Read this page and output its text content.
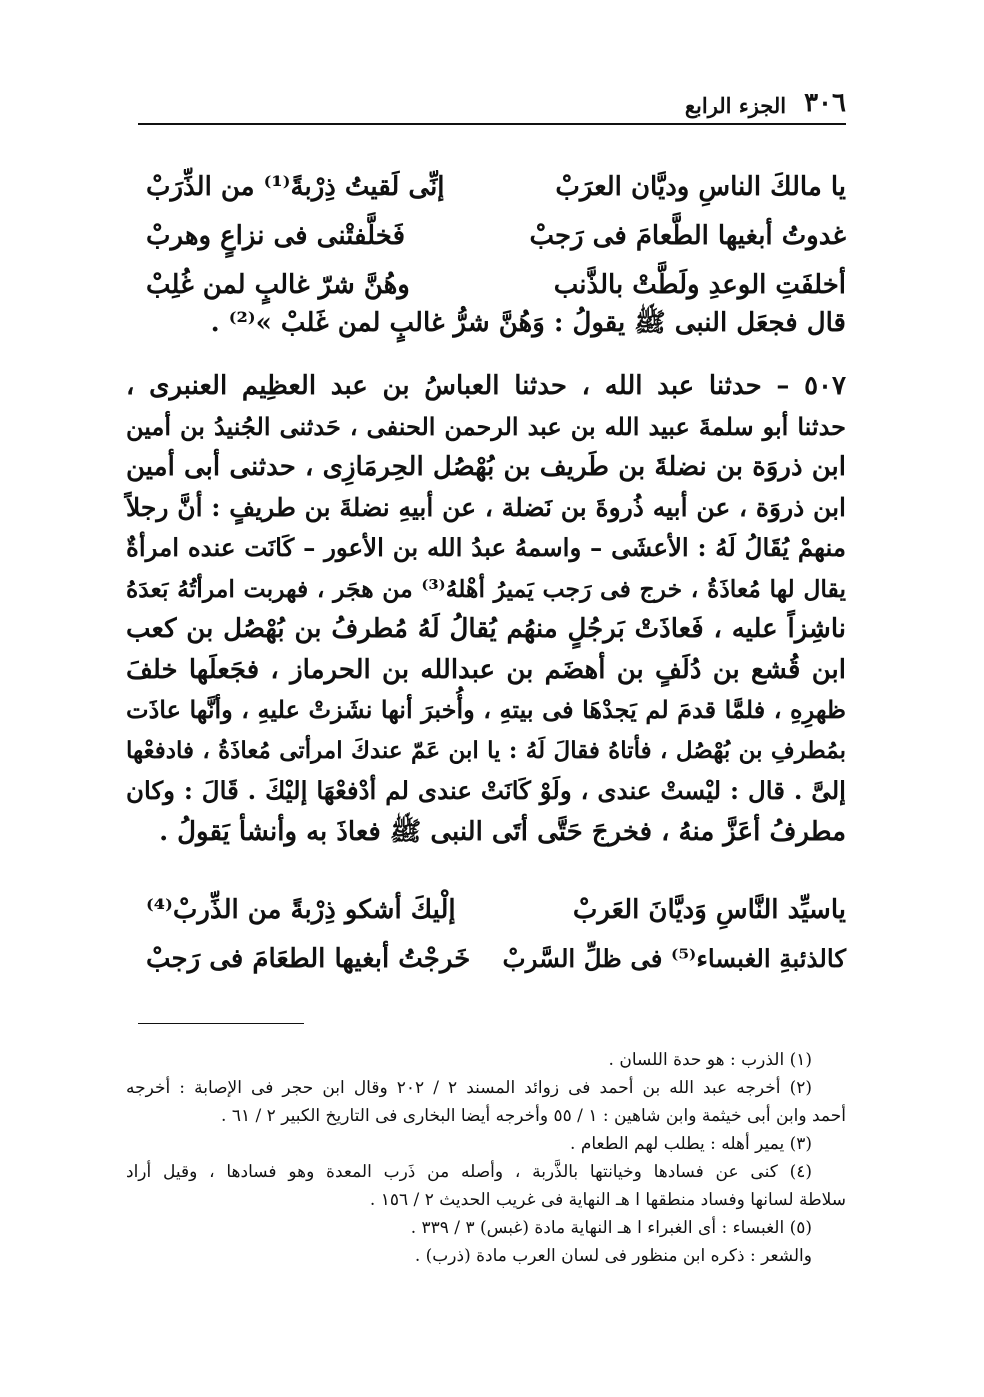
٣٠٦
الجزء الرابع
يا مالكَ الناسِ وديَّان العرَبْ
إنِّى لَقيتُ ذِرْبةً⁽¹⁾ من الذِّرَبْ
غدوتُ أبغيها الطَّعامَ فى رَجبْ
فَخلَّفتْنى فى نزاعٍ وهربْ
أخلفَتِ الوعدِ ولَطَّتْ بالذَّنب
وهُنَّ شرّ غالبٍ لمن غُلِبْ
قال فجعَل النبى ﷺ يقولُ : وَهُنَّ شرُّ غالبٍ لمن غَلبْ »⁽²⁾ .
٥٠٧ – حدثنا عبد الله ، حدثنا العباسُ بن عبد العظِيم العنبرى ،
حدثنا أبو سلمةَ عبيد الله بن عبد الرحمن الحنفى ، حَدثنى الجُنيدُ بن أمين
ابن ذروَة بن نضلةَ بن طَريف بن بُهْصُل الحِرمَازِى ، حدثنى أبى أمين
ابن ذروَة ، عن أبيه ذُروةَ بن نَضلة ، عن أبيهِ نضلةَ بن طريفٍ : أنَّ رجلاً
منهمْ يُقَالُ لَهُ : الأعشَى – واسمهُ عبدُ الله بن الأعور – كَانَت عنده امرأةٌ
يقال لها مُعاذَةُ ، خرج فى رَجب يَميرُ أهْلهُ⁽³⁾ من هجَر ، فهربت امرأتُهُ بَعدَهُ
ناشِزاً عليه ، فَعاذَتْ بَرجُلٍ منهُم يُقالُ لَهُ مُطرفُ بن بُهْصُل بن كعب
ابن قُشع بن دُلَفٍ بن أهضَم بن عبدالله بن الحرماز ، فجَعلَها خلفَ
ظهرِهِ ، فلمَّا قدمَ لم يَجدْهَا فى بيتهِ ، وأُخبرَ أنها نشَزتْ عليهِ ، وأنَّها عاذَت
بمُطرفِ بن بُهْصُل ، فأتاهُ فقالَ لَهُ : يا ابن عَمّ عندكَ امرأتى مُعاذَةُ ، فادفعْها
إلىَّ . قال : ليْستْ عندى ، ولَوْ كَانَتْ عندى لم أدْفعْهَا إليْكَ . قَالَ : وكان
مطرفُ أعَزَّ منهُ ، فخرجَ حَتَّى أتَى النبى ﷺ فعاذَ به وأنشأ يَقولُ .
ياسيِّد النَّاسِ وَديَّانَ العَربْ
إلْيكَ أشكو ذِرْبةً من الذِّربْ⁽⁴⁾
كالذئبةِ الغبساء⁽⁵⁾ فى ظلِّ السَّربْ
خَرجْتُ أبغيها الطعَامَ فى رَجبْ
(١) الذرب : هو حدة اللسان .
(٢) أخرجه عبد الله بن أحمد فى زوائد المسند ٢ / ٢٠٢ وقال ابن حجر فى الإصابة : أخرجه
أحمد وابن أبى خيثمة وابن شاهين : ١ / ٥٥ وأخرجه أيضا البخارى فى التاريخ الكبير ٢ / ٦١ .
(٣) يمير أهله : يطلب لهم الطعام .
(٤) كنى عن فسادها وخيانتها بالذَّربة ، وأصله من ذَرب المعدة وهو فسادها ، وقيل أراد
سلاطة لسانها وفساد منطقها ا هـ النهاية فى غريب الحديث ٢ / ١٥٦ .
(٥) الغبساء : أى الغبراء ا هـ النهاية مادة (غبس) ٣ / ٣٣٩ .
والشعر : ذكره ابن منظور فى لسان العرب مادة (ذرب) .
